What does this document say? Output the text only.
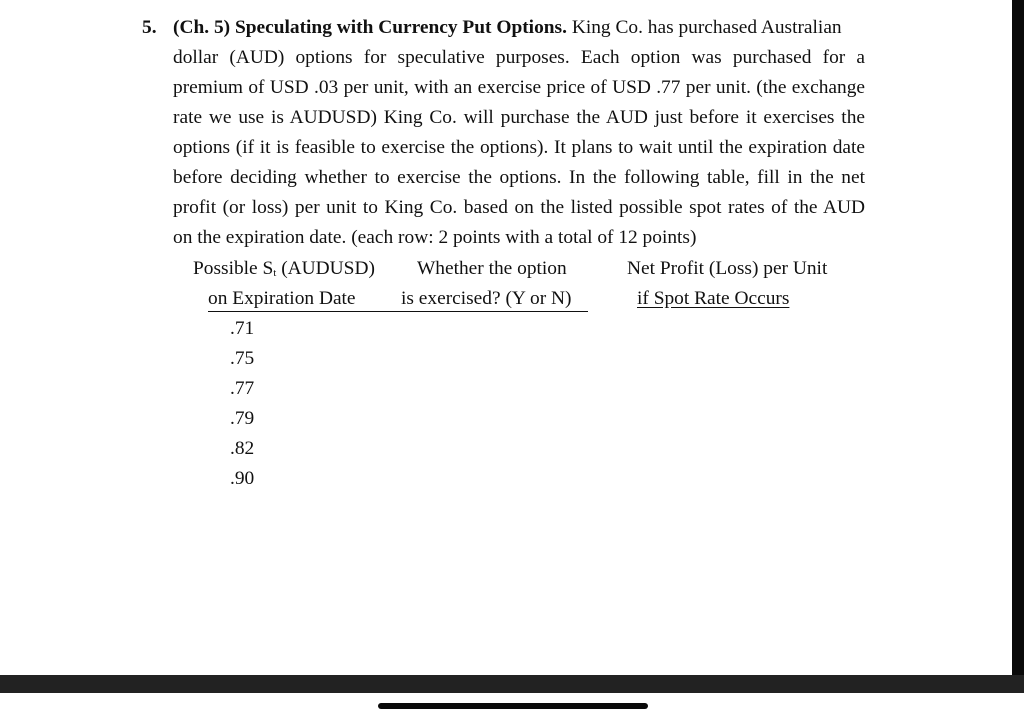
5. (Ch. 5) Speculating with Currency Put Options. King Co. has purchased Australian
dollar (AUD) options for speculative purposes. Each option was purchased for a
premium of USD .03 per unit, with an exercise price of USD .77 per unit. (the exchange
rate we use is AUDUSD) King Co. will purchase the AUD just before it exercises the
options (if it is feasible to exercise the options). It plans to wait until the expiration date
before deciding whether to exercise the options. In the following table, fill in the net
profit (or loss) per unit to King Co. based on the listed possible spot rates of the AUD
on the expiration date. (each row: 2 points with a total of 12 points)
Possible St (AUDUSD)
on Expiration Date
Whether the option
is exercised? (Y or N)
Net Profit (Loss) per Unit
if Spot Rate Occurs
.71
.75
.77
.79
.82
.90
